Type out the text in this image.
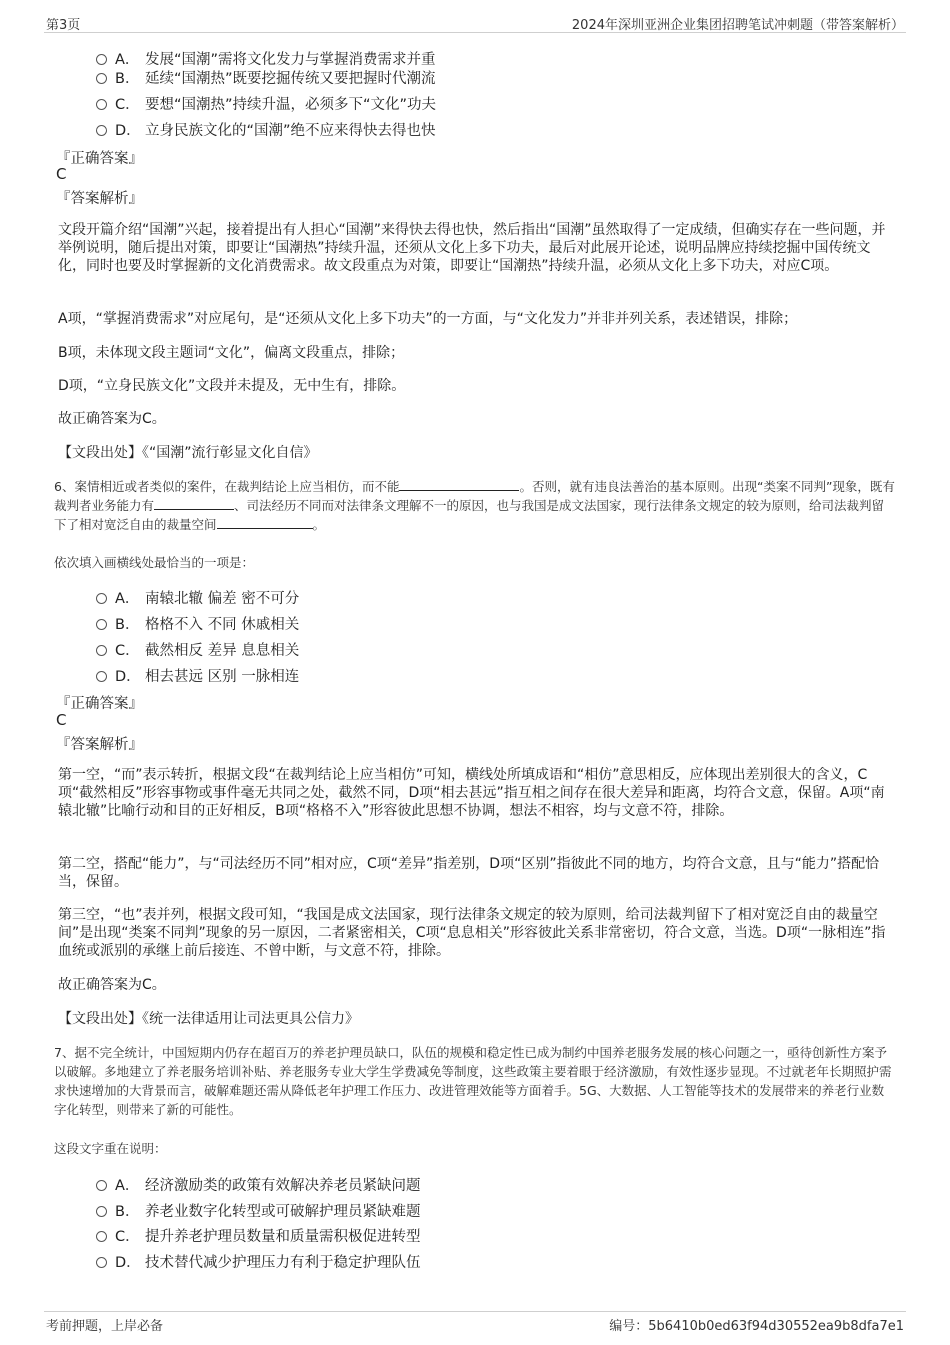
第3页	2024年深圳亚洲企业集团招聘笔试冲刺题（带答案解析）
A． 发展“国潮”需将文化发力与掌握消费需求并重
B． 延续“国潮热”既要挖掘传统又要把握时代潮流
C． 要想“国潮热”持续升温，必须多下“文化”功夫
D． 立身民族文化的“国潮”绝不应来得快去得也快
『正确答案』
C
『答案解析』
文段开篇介绍“国潮”兴起，接着提出有人担心“国潮”来得快去得也快，然后指出“国潮”虽然取得了一定成绩，但确实存在一些问题，并举例说明，随后提出对策，即要让“国潮热”持续升温，还须从文化上多下功夫，最后对此展开论述，说明品牌应持续挖掘中国传统文化，同时也要及时掌握新的文化消费需求。故文段重点为对策，即要让“国潮热”持续升温，必须从文化上多下功夫，对应C项。
A项，“掌握消费需求”对应尾句，是“还须从文化上多下功夫”的一方面，与“文化发力”并非并列关系，表述错误，排除；
B项，未体现文段主题词“文化”，偏离文段重点，排除；
D项，“立身民族文化”文段并未提及，无中生有，排除。
故正确答案为C。
【文段出处】《“国潮”流行彰显文化自信》
6、案情相近或者类似的案件，在裁判结论上应当相仿，而不能	。否则，就有违良法善治的基本原则。出现“类案不同判”现象，既有裁判者业务能力有	、司法经历不同而对法律条文理解不一的原因，也与我国是成文法国家，现行法律条文规定的较为原则，给司法裁判留下了相对宽泛自由的裁量空间	。
依次填入画横线处最恰当的一项是：
A． 南辕北辙 偏差 密不可分
B． 格格不入 不同 休戚相关
C． 截然相反 差异 息息相关
D． 相去甚远 区别 一脉相连
『正确答案』
C
『答案解析』
第一空，“而”表示转折，根据文段“在裁判结论上应当相仿”可知，横线处所填成语和“相仿”意思相反，应体现出差别很大的含义，C项“截然相反”形容事物或事件毫无共同之处，截然不同，D项“相去甚远”指互相之间存在很大差异和距离，均符合文意，保留。A项“南辕北辙”比喻行动和目的正好相反，B项“格格不入”形容彼此思想不协调，想法不相容，均与文意不符，排除。
第二空，搭配“能力”，与“司法经历不同”相对应，C项“差异”指差别，D项“区别”指彼此不同的地方，均符合文意，且与“能力”搭配恰当，保留。
第三空，“也”表并列，根据文段可知，“我国是成文法国家，现行法律条文规定的较为原则，给司法裁判留下了相对宽泛自由的裁量空间”是出现“类案不同判”现象的另一原因，二者紧密相关，C项“息息相关”形容彼此关系非常密切，符合文意，当选。D项“一脉相连”指血统或派别的承继上前后接连、不曾中断，与文意不符，排除。
故正确答案为C。
【文段出处】《统一法律适用让司法更具公信力》
7、据不完全统计，中国短期内仍存在超百万的养老护理员缺口，队伍的规模和稳定性已成为制约中国养老服务发展的核心问题之一，亟待创新性方案予以破解。多地建立了养老服务培训补贴、养老服务专业大学生学费减免等制度，这些政策主要着眼于经济激励，有效性逐步显现。不过就老年长期照护需求快速增加的大背景而言，破解难题还需从降低老年护理工作压力、改进管理效能等方面着手。5G、大数据、人工智能等技术的发展带来的养老行业数字化转型，则带来了新的可能性。
这段文字重在说明：
A． 经济激励类的政策有效解决养老员紧缺问题
B． 养老业数字化转型或可破解护理员紧缺难题
C． 提升养老护理员数量和质量需积极促进转型
D． 技术替代减少护理压力有利于稳定护理队伍
考前押题，上岸必备	编号：5b6410b0ed63f94d30552ea9b8dfa7e1
